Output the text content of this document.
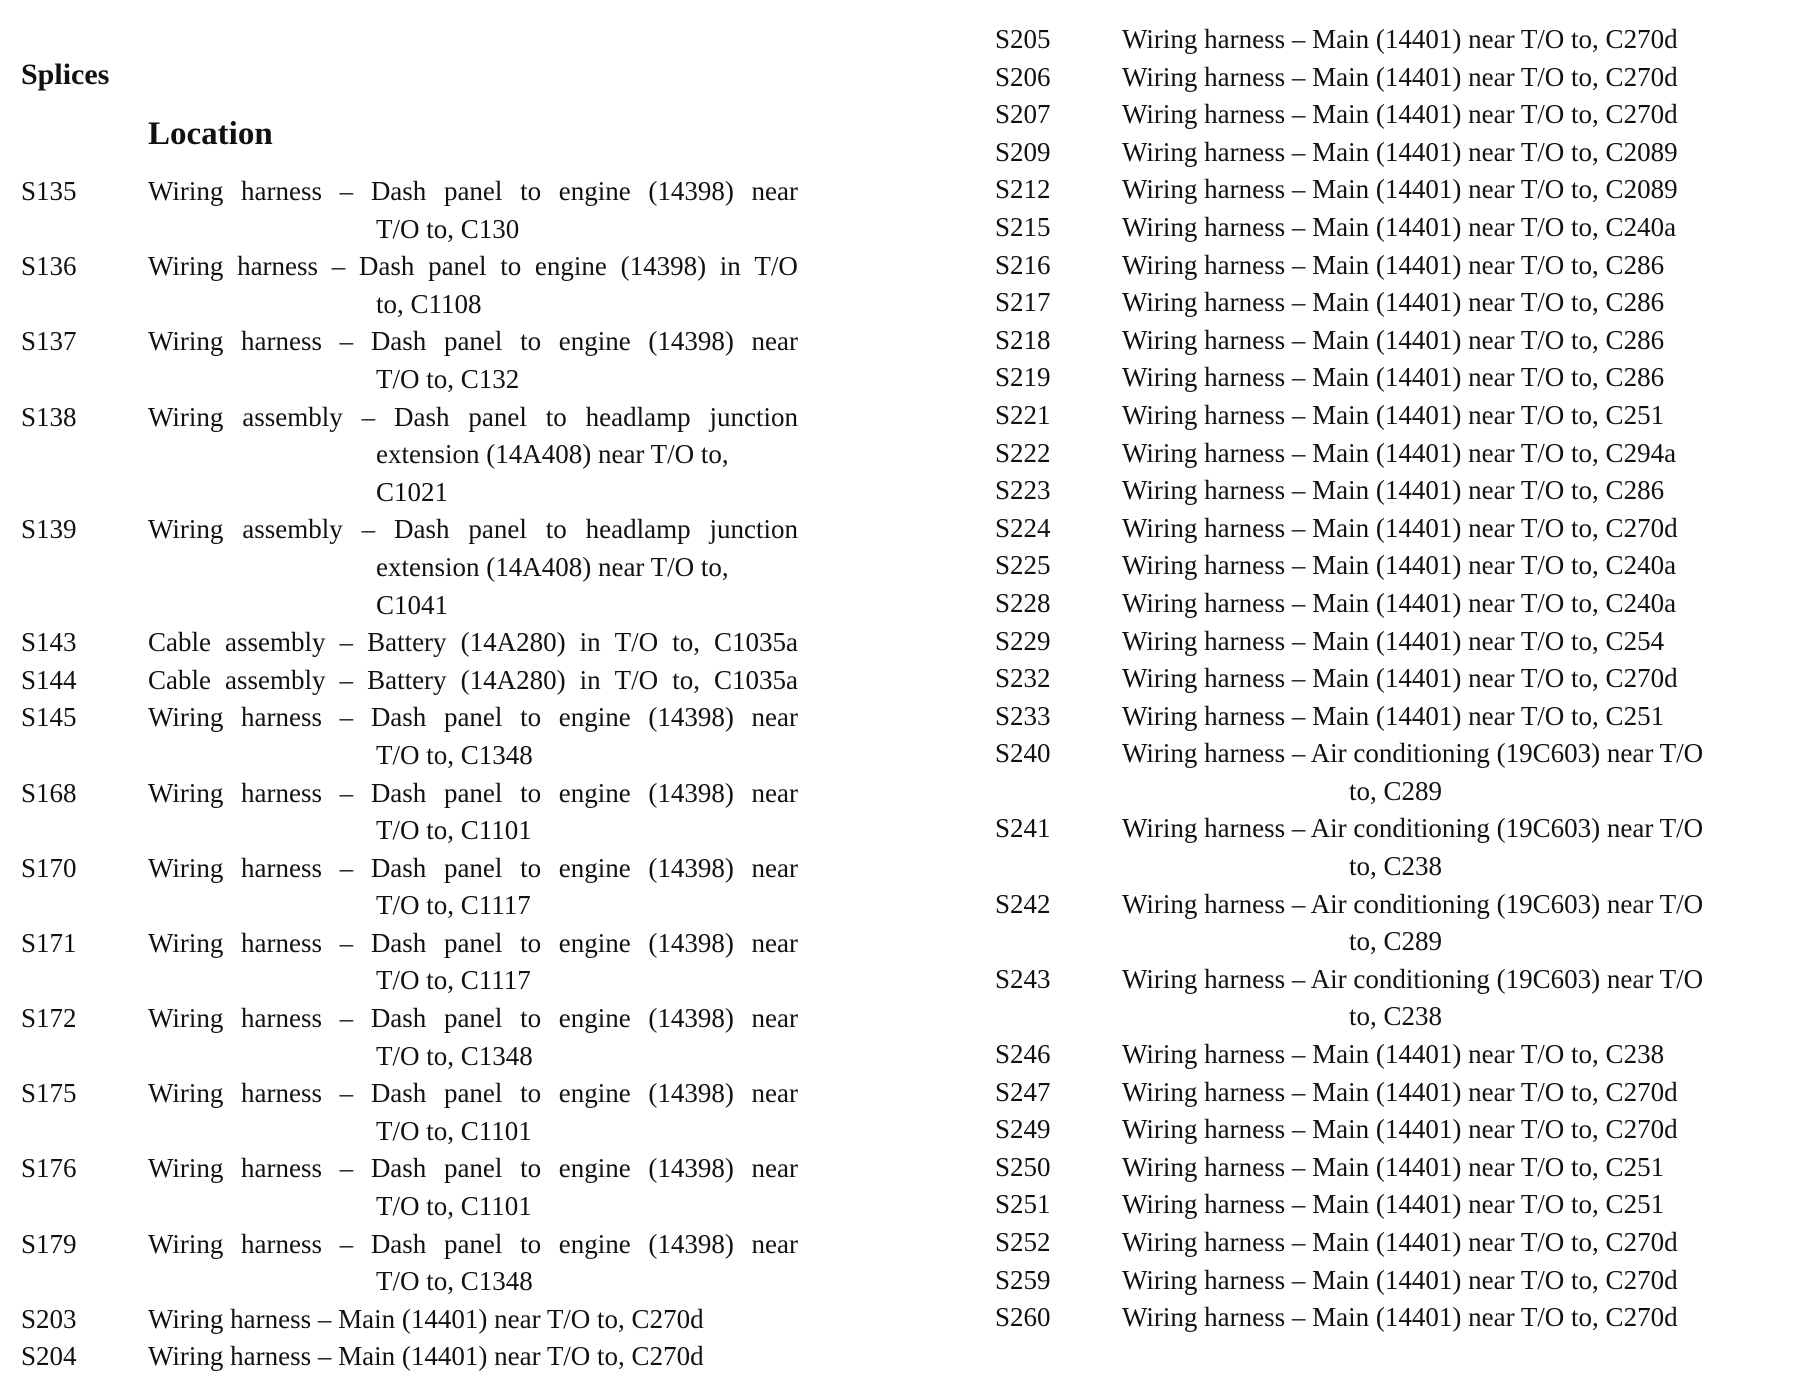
Splices
Location
S135	Wiring harness – Dash panel to engine (14398) near
T/O to, C130
S136	Wiring harness – Dash panel to engine (14398) in T/O
to, C1108
S137	Wiring harness – Dash panel to engine (14398) near
T/O to, C132
S138	Wiring assembly – Dash panel to headlamp junction
extension (14A408) near T/O to,
C1021
S139	Wiring assembly – Dash panel to headlamp junction
extension (14A408) near T/O to,
C1041
S143	Cable assembly – Battery (14A280) in T/O to, C1035a
S144	Cable assembly – Battery (14A280) in T/O to, C1035a
S145	Wiring harness – Dash panel to engine (14398) near
T/O to, C1348
S168	Wiring harness – Dash panel to engine (14398) near
T/O to, C1101
S170	Wiring harness – Dash panel to engine (14398) near
T/O to, C1117
S171	Wiring harness – Dash panel to engine (14398) near
T/O to, C1117
S172	Wiring harness – Dash panel to engine (14398) near
T/O to, C1348
S175	Wiring harness – Dash panel to engine (14398) near
T/O to, C1101
S176	Wiring harness – Dash panel to engine (14398) near
T/O to, C1101
S179	Wiring harness – Dash panel to engine (14398) near
T/O to, C1348
S203	Wiring harness – Main (14401) near T/O to, C270d
S204	Wiring harness – Main (14401) near T/O to, C270d
S205	Wiring harness – Main (14401) near T/O to, C270d
S206	Wiring harness – Main (14401) near T/O to, C270d
S207	Wiring harness – Main (14401) near T/O to, C270d
S209	Wiring harness – Main (14401) near T/O to, C2089
S212	Wiring harness – Main (14401) near T/O to, C2089
S215	Wiring harness – Main (14401) near T/O to, C240a
S216	Wiring harness – Main (14401) near T/O to, C286
S217	Wiring harness – Main (14401) near T/O to, C286
S218	Wiring harness – Main (14401) near T/O to, C286
S219	Wiring harness – Main (14401) near T/O to, C286
S221	Wiring harness – Main (14401) near T/O to, C251
S222	Wiring harness – Main (14401) near T/O to, C294a
S223	Wiring harness – Main (14401) near T/O to, C286
S224	Wiring harness – Main (14401) near T/O to, C270d
S225	Wiring harness – Main (14401) near T/O to, C240a
S228	Wiring harness – Main (14401) near T/O to, C240a
S229	Wiring harness – Main (14401) near T/O to, C254
S232	Wiring harness – Main (14401) near T/O to, C270d
S233	Wiring harness – Main (14401) near T/O to, C251
S240	Wiring harness – Air conditioning (19C603) near T/O
to, C289
S241	Wiring harness – Air conditioning (19C603) near T/O
to, C238
S242	Wiring harness – Air conditioning (19C603) near T/O
to, C289
S243	Wiring harness – Air conditioning (19C603) near T/O
to, C238
S246	Wiring harness – Main (14401) near T/O to, C238
S247	Wiring harness – Main (14401) near T/O to, C270d
S249	Wiring harness – Main (14401) near T/O to, C270d
S250	Wiring harness – Main (14401) near T/O to, C251
S251	Wiring harness – Main (14401) near T/O to, C251
S252	Wiring harness – Main (14401) near T/O to, C270d
S259	Wiring harness – Main (14401) near T/O to, C270d
S260	Wiring harness – Main (14401) near T/O to, C270d
